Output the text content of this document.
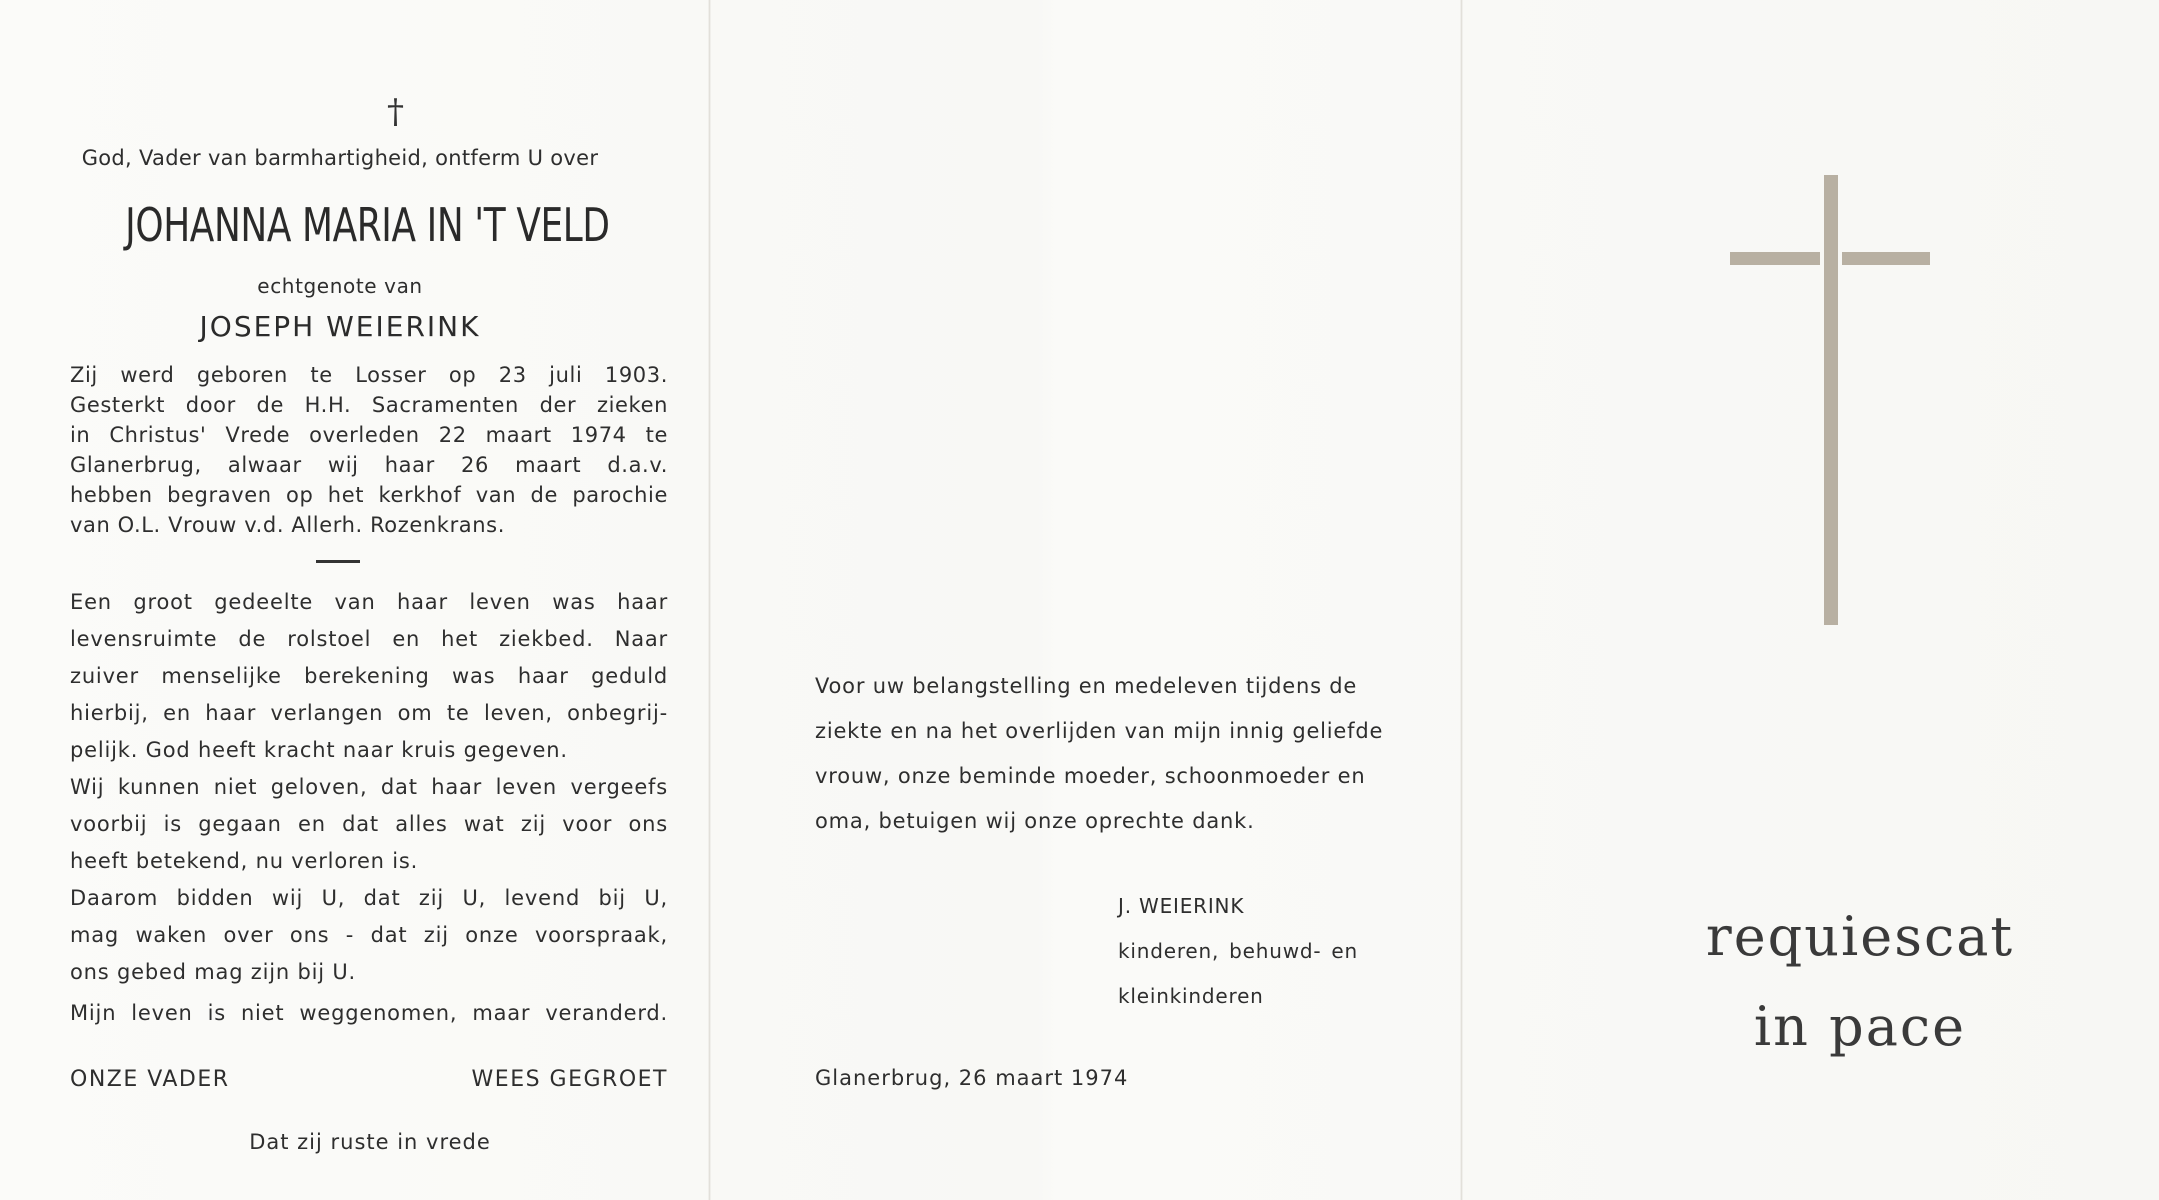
†
God, Vader van barmhartigheid, ontferm U over
JOHANNA MARIA IN 'T VELD
echtgenote van
JOSEPH WEIERINK
Zij werd geboren te Losser op 23 juli 1903.
Gesterkt door de H.H. Sacramenten der zieken
in Christus' Vrede overleden 22 maart 1974 te
Glanerbrug, alwaar wij haar 26 maart d.a.v.
hebben begraven op het kerkhof van de parochie
van O.L. Vrouw v.d. Allerh. Rozenkrans.
Een groot gedeelte van haar leven was haar
levensruimte de rolstoel en het ziekbed. Naar
zuiver menselijke berekening was haar geduld
hierbij, en haar verlangen om te leven, onbegrij-
pelijk. God heeft kracht naar kruis gegeven.
Wij kunnen niet geloven, dat haar leven vergeefs
voorbij is gegaan en dat alles wat zij voor ons
heeft betekend, nu verloren is.
Daarom bidden wij U, dat zij U, levend bij U,
mag waken over ons - dat zij onze voorspraak,
ons gebed mag zijn bij U.
Mijn leven is niet weggenomen, maar veranderd.
ONZE VADER	WEES GEGROET
Dat zij ruste in vrede
Voor uw belangstelling en medeleven tijdens de
ziekte en na het overlijden van mijn innig geliefde
vrouw, onze beminde moeder, schoonmoeder en
oma, betuigen wij onze oprechte dank.
J. WEIERINK
kinderen, behuwd- en
kleinkinderen
Glanerbrug, 26 maart 1974
requiescat
in pace
